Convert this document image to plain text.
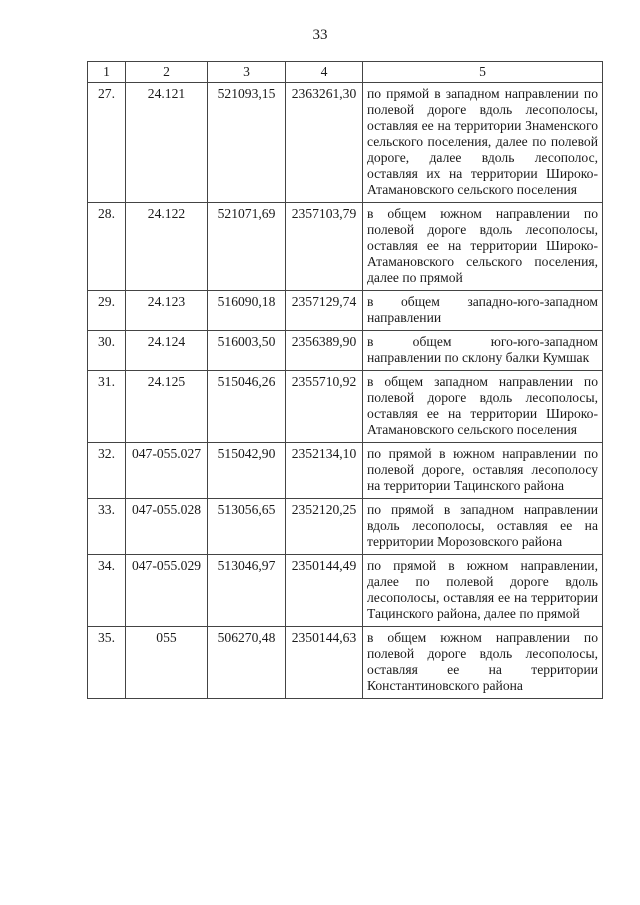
33
1	2	3	4	5
27.	24.121	521093,15	2363261,30	по прямой в западном направлении по полевой дороге вдоль лесополосы, оставляя ее на территории Знаменского сельского поселения, далее по полевой дороге, далее вдоль лесополос, оставляя их на территории Широко-Атамановского сельского поселения
28.	24.122	521071,69	2357103,79	в общем южном направлении по полевой дороге вдоль лесополосы, оставляя ее на территории Широко-Атамановского сельского поселения, далее по прямой
29.	24.123	516090,18	2357129,74	в общем западно-юго-западном направлении
30.	24.124	516003,50	2356389,90	в общем юго-юго-западном направлении по склону балки Кумшак
31.	24.125	515046,26	2355710,92	в общем западном направлении по полевой дороге вдоль лесополосы, оставляя ее на территории Широко-Атамановского сельского поселения
32.	047-055.027	515042,90	2352134,10	по прямой в южном направлении по полевой дороге, оставляя лесополосу на территории Тацинского района
33.	047-055.028	513056,65	2352120,25	по прямой в западном направлении вдоль лесополосы, оставляя ее на территории Морозовского района
34.	047-055.029	513046,97	2350144,49	по прямой в южном направлении, далее по полевой дороге вдоль лесополосы, оставляя ее на территории Тацинского района, далее по прямой
35.	055	506270,48	2350144,63	в общем южном направлении по полевой дороге вдоль лесополосы, оставляя ее на территории Константиновского района
